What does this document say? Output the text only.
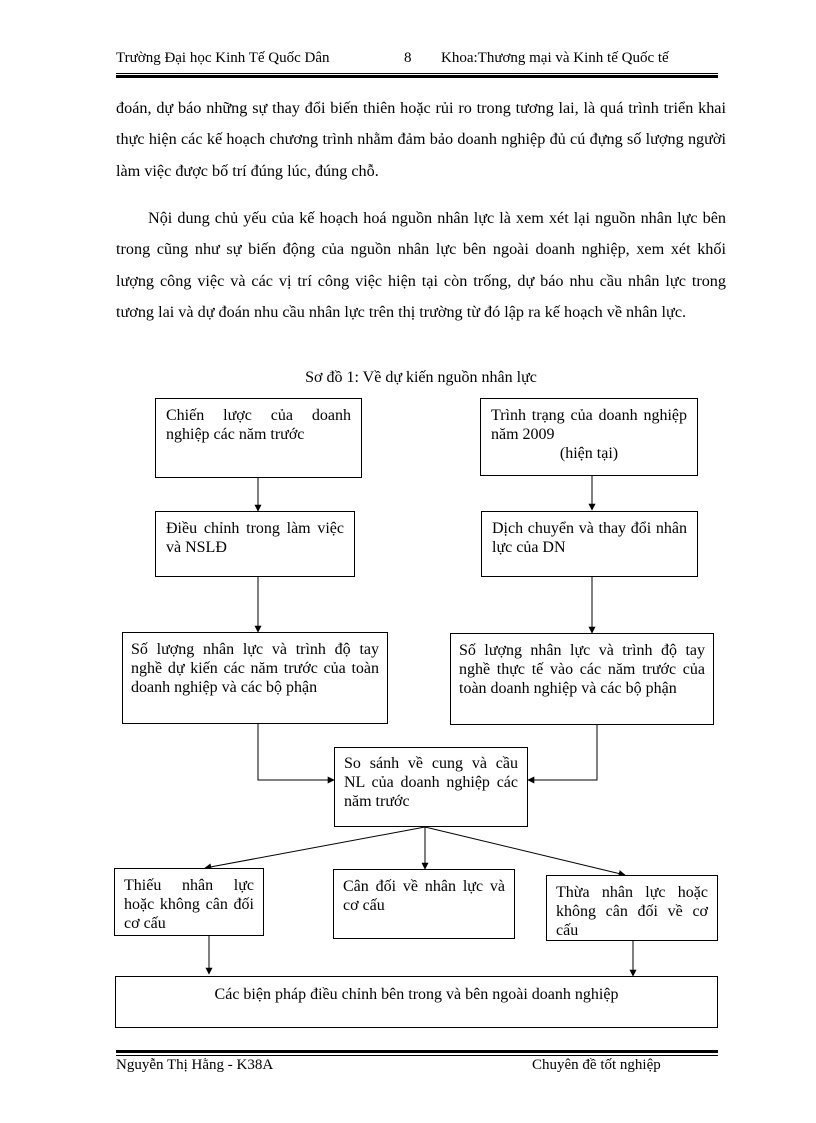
Trường Đại học Kinh Tế Quốc Dân	8 Khoa:Thương mại và Kinh tế Quốc tế

đoán, dự báo những sự thay đổi biến thiên hoặc rủi ro trong tương lai, là quá trình triển khai thực hiện các kế hoạch chương trình nhằm đảm bảo doanh nghiệp đủ cú đựng số lượng người làm việc được bố trí đúng lúc, đúng chỗ.

Nội dung chủ yếu của kế hoạch hoá nguồn nhân lực là xem xét lại nguồn nhân lực bên trong cũng như sự biến động của nguồn nhân lực bên ngoài doanh nghiệp, xem xét khối lượng công việc và các vị trí công việc hiện tại còn trống, dự báo nhu cầu nhân lực trong tương lai và dự đoán nhu cầu nhân lực trên thị trường từ đó lập ra kế hoạch về nhân lực.

Sơ đồ 1: Về dự kiến nguồn nhân lực
Chiến lược của doanh nghiệp các năm trước
Trình trạng của doanh nghiệp năm 2009
(hiện tại)
Điều chỉnh trong làm việc và NSLĐ
Dịch chuyển và thay đổi nhân lực của DN
Số lượng nhân lực và trình độ tay nghề dự kiến các năm trước của toàn doanh nghiệp và các bộ phận
Số lượng nhân lực và trình độ tay nghề thực tế vào các năm trước của toàn doanh nghiệp và các bộ phận
So sánh về cung và cầu NL của doanh nghiệp các năm trước
Thiếu nhân lực hoặc không cân đối cơ cấu
Cân đối về nhân lực và cơ cấu
Thừa nhân lực hoặc không cân đối về cơ cấu
Các biện pháp điều chỉnh bên trong và bên ngoài doanh nghiệp
Nguyễn Thị Hằng - K38A	Chuyên đề tốt nghiệp
